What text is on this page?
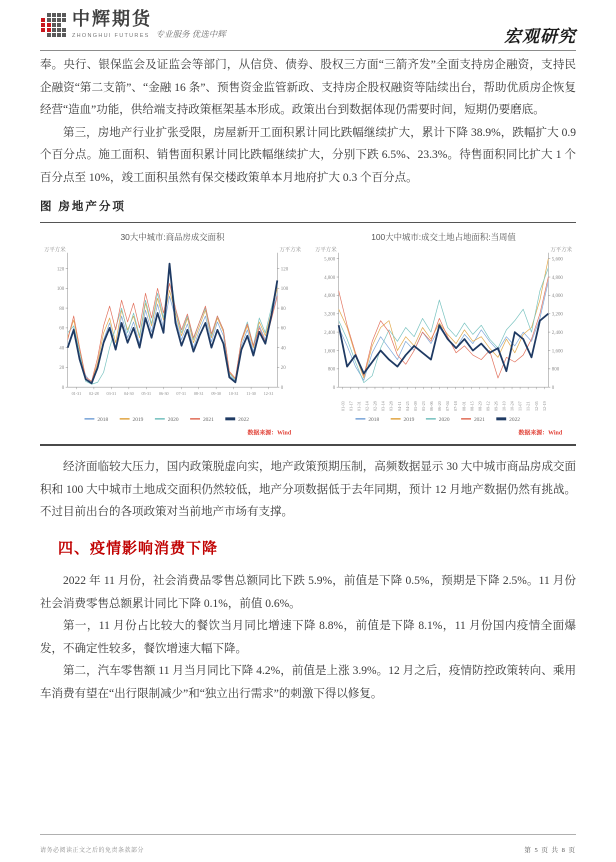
中辉期货
ZHONGHUI FUTURES 专业服务 优选中辉	宏观研究

奉。央行、银保监会及证监会等部门，从信贷、债券、股权三方面“三箭齐发”全面支持房企融资，支持民企融资“第二支箭”、“金融 16 条”、预售资金监管新政、支持房企股权融资等陆续出台，帮助优质房企恢复经营“造血”功能，供给端支持政策框架基本形成。政策出台到数据体现仍需要时间，短期仍要磨底。

第三，房地产行业扩张受限，房屋新开工面积累计同比跌幅继续扩大，累计下降 38.9%，跌幅扩大 0.9 个百分点。施工面积、销售面积累计同比跌幅继续扩大，分别下跌 6.5%、23.3%。待售面积同比扩大 1 个百分点至 10%，竣工面积虽然有保交楼政策单本月地府扩大 0.3 个百分点。

图 房地产分项
30大中城市:商品房成交面积
万平方米	万平方米
0	0
20	20
40	40
60	60
80	80
100	100
120	120
01-31 02-28 03-31 04-30 05-31 06-30 07-31 08-31 09-30 10-31 11-30 12-31
2018	2019	2020	2021	2022
数据来源：Wind
100大中城市:成交土地占地面积:当周值
万平方米	万平方米
0	0
800	800
1,600	1,600
2,400	2,400
3,200	3,200
4,000	4,000
4,800	4,800
5,600	5,600
01-03 01-17 01-31 02-14 02-28 03-14 03-28 04-11 04-25 05-09 05-23 06-06 06-20 07-04 07-18 08-01 08-15 08-29 09-12 09-26 10-10 10-24 11-07 11-21 12-05 12-19
2018	2019	2020	2021	2022
数据来源：Wind

经济面临较大压力，国内政策脱虚向实，地产政策预期压制，高频数据显示 30 大中城市商品房成交面积和 100 大中城市土地成交面积仍然较低，地产分项数据低于去年同期，预计 12 月地产数据仍然有挑战。不过目前出台的各项政策对当前地产市场有支撑。

四、疫情影响消费下降

2022 年 11 月份，社会消费品零售总额同比下跌 5.9%，前值是下降 0.5%，预期是下降 2.5%。11 月份社会消费零售总额累计同比下降 0.1%，前值 0.6%。

第一，11 月份占比较大的餐饮当月同比增速下降 8.8%，前值是下降 8.1%，11 月份国内疫情全面爆发，不确定性较多，餐饮增速大幅下降。

第二，汽车零售额 11 月当月同比下降 4.2%，前值是上涨 3.9%。12 月之后，疫情防控政策转向、乘用车消费有望在“出行限制减少”和“独立出行需求”的刺激下得以修复。

请务必阅读正文之后的免责条款部分	第 5 页 共 8 页
